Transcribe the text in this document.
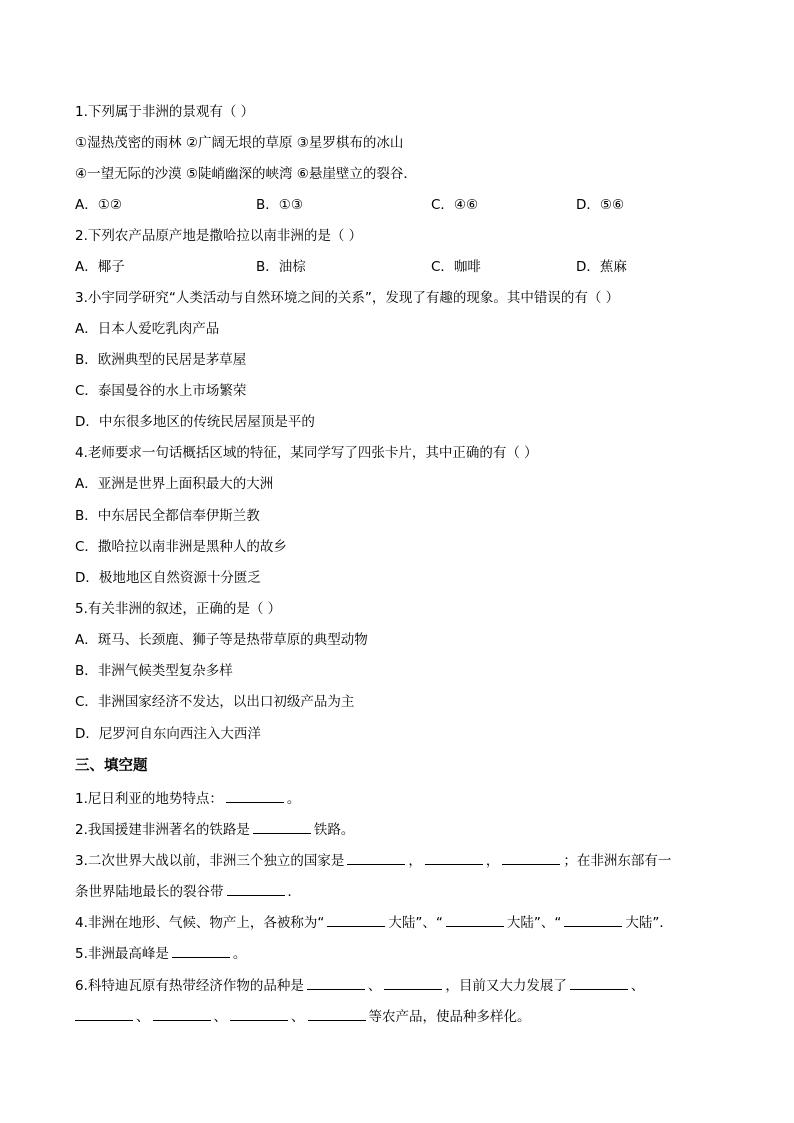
1.下列属于非洲的景观有（ ）
①湿热茂密的雨林 ②广阔无垠的草原 ③星罗棋布的冰山
④一望无际的沙漠 ⑤陡峭幽深的峡湾 ⑥悬崖壁立的裂谷．
A．①②	B．①③	C．④⑥	D．⑤⑥
2.下列农产品原产地是撒哈拉以南非洲的是（ ）
A．椰子	B．油棕	C．咖啡	D．蕉麻
3.小宇同学研究“人类活动与自然环境之间的关系”，发现了有趣的现象。其中错误的有（ ）
A．日本人爱吃乳肉产品
B．欧洲典型的民居是茅草屋
C．泰国曼谷的水上市场繁荣
D．中东很多地区的传统民居屋顶是平的
4.老师要求一句话概括区域的特征，某同学写了四张卡片，其中正确的有（ ）
A．亚洲是世界上面积最大的大洲
B．中东居民全都信奉伊斯兰教
C．撒哈拉以南非洲是黑种人的故乡
D．极地地区自然资源十分匮乏
5.有关非洲的叙述，正确的是（ ）
A．斑马、长颈鹿、狮子等是热带草原的典型动物
B．非洲气候类型复杂多样
C．非洲国家经济不发达，以出口初级产品为主
D．尼罗河自东向西注入大西洋
三、填空题
1.尼日利亚的地势特点：	。
2.我国援建非洲著名的铁路是	铁路。
3.二次世界大战以前，非洲三个独立的国家是	，	，	；在非洲东部有一
条世界陆地最长的裂谷带	．
4.非洲在地形、气候、物产上，各被称为“	大陆”、“	大陆”、“	大陆”．
5.非洲最高峰是	。
6.科特迪瓦原有热带经济作物的品种是	、	，目前又大力发展了	、
、	、	、	等农产品，使品种多样化。
